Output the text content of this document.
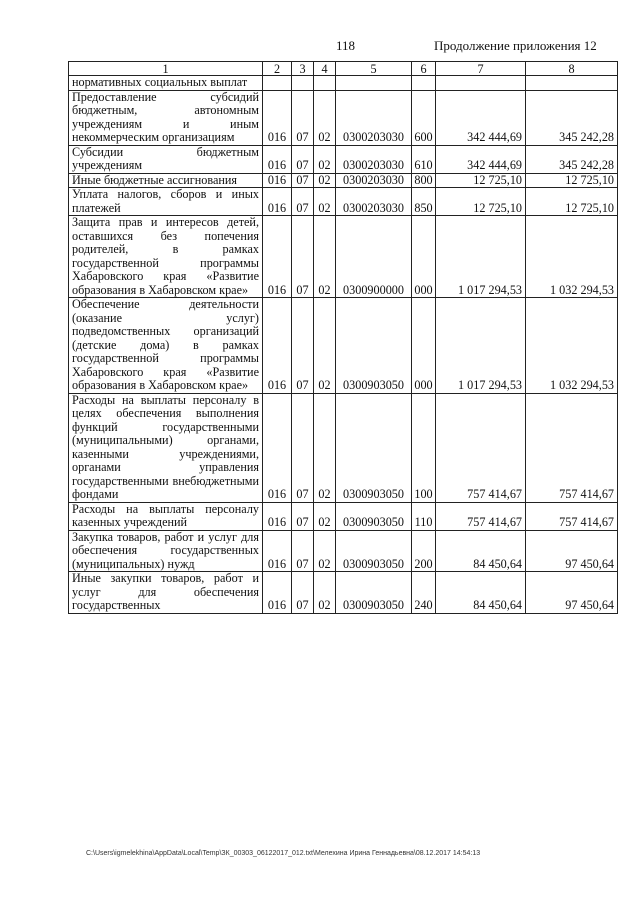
118	Продолжение приложения 12
1	2	3	4	5	6	7	8
нормативных социальных выплат							
Предоставление субсидий бюджетным, автономным учреждениям и иным некоммерческим организациям	016	07	02	0300203030	600	342 444,69	345 242,28
Субсидии бюджетным учреждениям	016	07	02	0300203030	610	342 444,69	345 242,28
Иные бюджетные ассигнования	016	07	02	0300203030	800	12 725,10	12 725,10
Уплата налогов, сборов и иных платежей	016	07	02	0300203030	850	12 725,10	12 725,10
Защита прав и интересов детей, оставшихся без попечения родителей, в рамках государственной программы Хабаровского края «Развитие образования в Хабаровском крае»	016	07	02	0300900000	000	1 017 294,53	1 032 294,53
Обеспечение деятельности (оказание услуг) подведомственных организаций (детские дома) в рамках государственной программы Хабаровского края «Развитие образования в Хабаровском крае»	016	07	02	0300903050	000	1 017 294,53	1 032 294,53
Расходы на выплаты персоналу в целях обеспечения выполнения функций государственными (муниципальными) органами, казенными учреждениями, органами управления государственными внебюджетными фондами	016	07	02	0300903050	100	757 414,67	757 414,67
Расходы на выплаты персоналу казенных учреждений	016	07	02	0300903050	110	757 414,67	757 414,67
Закупка товаров, работ и услуг для обеспечения государственных (муниципальных) нужд	016	07	02	0300903050	200	84 450,64	97 450,64
Иные закупки товаров, работ и услуг для обеспечения государственных	016	07	02	0300903050	240	84 450,64	97 450,64
C:\Users\igmelekhina\AppData\Local\Temp\ЗК_00303_06122017_012.txt\Мелехина Ирина Геннадьевна\08.12.2017 14:54:13
